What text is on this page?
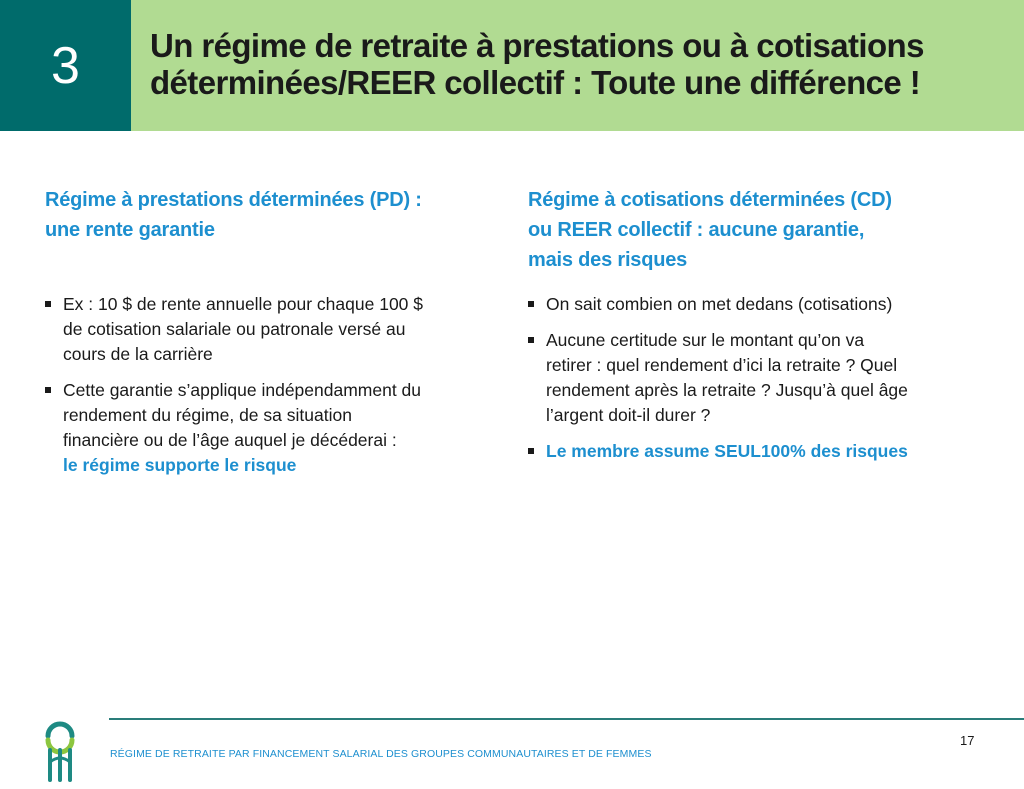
3 Un régime de retraite à prestations ou à cotisations
déterminées/REER collectif : Toute une différence !
Régime à prestations déterminées (PD) :
une rente garantie
Ex : 10 $ de rente annuelle pour chaque 100 $
de cotisation salariale ou patronale versé au
cours de la carrière
Cette garantie s’applique indépendamment du
rendement du régime, de sa situation
financière ou de l’âge auquel je décéderai :
le régime supporte le risque
Régime à cotisations déterminées (CD)
ou REER collectif : aucune garantie,
mais des risques
On sait combien on met dedans (cotisations)
Aucune certitude sur le montant qu’on va
retirer : quel rendement d’ici la retraite ? Quel
rendement après la retraite ? Jusqu’à quel âge
l’argent doit-il durer ?
Le membre assume SEUL100% des risques
RÉGIME DE RETRAITE PAR FINANCEMENT SALARIAL DES GROUPES COMMUNAUTAIRES ET DE FEMMES
17
